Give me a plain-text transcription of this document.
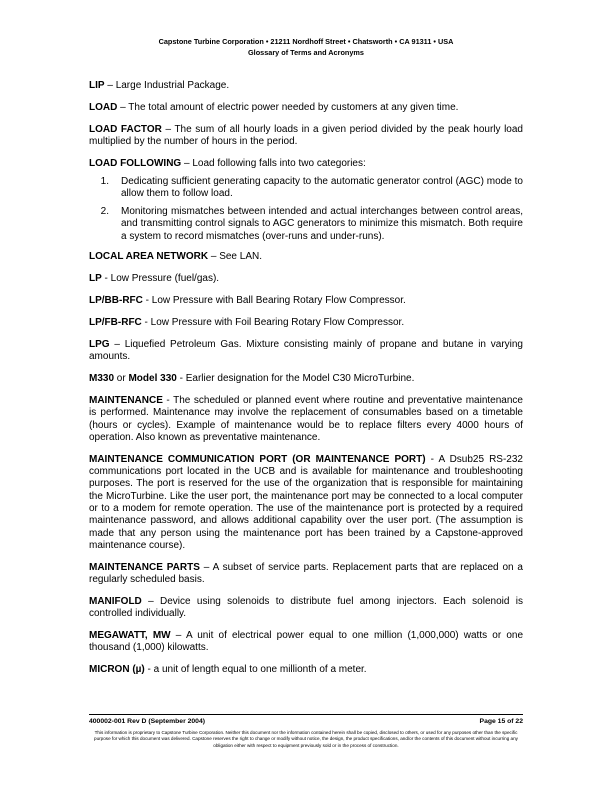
Capstone Turbine Corporation • 21211 Nordhoff Street • Chatsworth • CA 91311 • USA
Glossary of Terms and Acronyms

LIP – Large Industrial Package.

LOAD – The total amount of electric power needed by customers at any given time.

LOAD FACTOR – The sum of all hourly loads in a given period divided by the peak hourly load multiplied by the number of hours in the period.

LOAD FOLLOWING – Load following falls into two categories:

1. Dedicating sufficient generating capacity to the automatic generator control (AGC) mode to allow them to follow load.
2. Monitoring mismatches between intended and actual interchanges between control areas, and transmitting control signals to AGC generators to minimize this mismatch. Both require a system to record mismatches (over-runs and under-runs).

LOCAL AREA NETWORK – See LAN.

LP - Low Pressure (fuel/gas).

LP/BB-RFC - Low Pressure with Ball Bearing Rotary Flow Compressor.

LP/FB-RFC - Low Pressure with Foil Bearing Rotary Flow Compressor.

LPG – Liquefied Petroleum Gas. Mixture consisting mainly of propane and butane in varying amounts.

M330 or Model 330 - Earlier designation for the Model C30 MicroTurbine.

MAINTENANCE - The scheduled or planned event where routine and preventative maintenance is performed. Maintenance may involve the replacement of consumables based on a timetable (hours or cycles). Example of maintenance would be to replace filters every 4000 hours of operation. Also known as preventative maintenance.

MAINTENANCE COMMUNICATION PORT (OR MAINTENANCE PORT) - A Dsub25 RS-232 communications port located in the UCB and is available for maintenance and troubleshooting purposes. The port is reserved for the use of the organization that is responsible for maintaining the MicroTurbine. Like the user port, the maintenance port may be connected to a local computer or to a modem for remote operation. The use of the maintenance port is protected by a required maintenance password, and allows additional capability over the user port. (The assumption is made that any person using the maintenance port has been trained by a Capstone-approved maintenance course).

MAINTENANCE PARTS – A subset of service parts. Replacement parts that are replaced on a regularly scheduled basis.

MANIFOLD – Device using solenoids to distribute fuel among injectors. Each solenoid is controlled individually.

MEGAWATT, MW – A unit of electrical power equal to one million (1,000,000) watts or one thousand (1,000) kilowatts.

MICRON (µ) - a unit of length equal to one millionth of a meter.

400002-001 Rev D (September 2004)	Page 15 of 22
This information is proprietary to Capstone Turbine Corporation. Neither this document nor the information contained herein shall be copied, disclosed to others, or used for any purposes other than the specific purpose for which this document was delivered. Capstone reserves the right to change or modify without notice, the design, the product specifications, and/or the contents of this document without incurring any obligation either with respect to equipment previously sold or in the process of construction.
